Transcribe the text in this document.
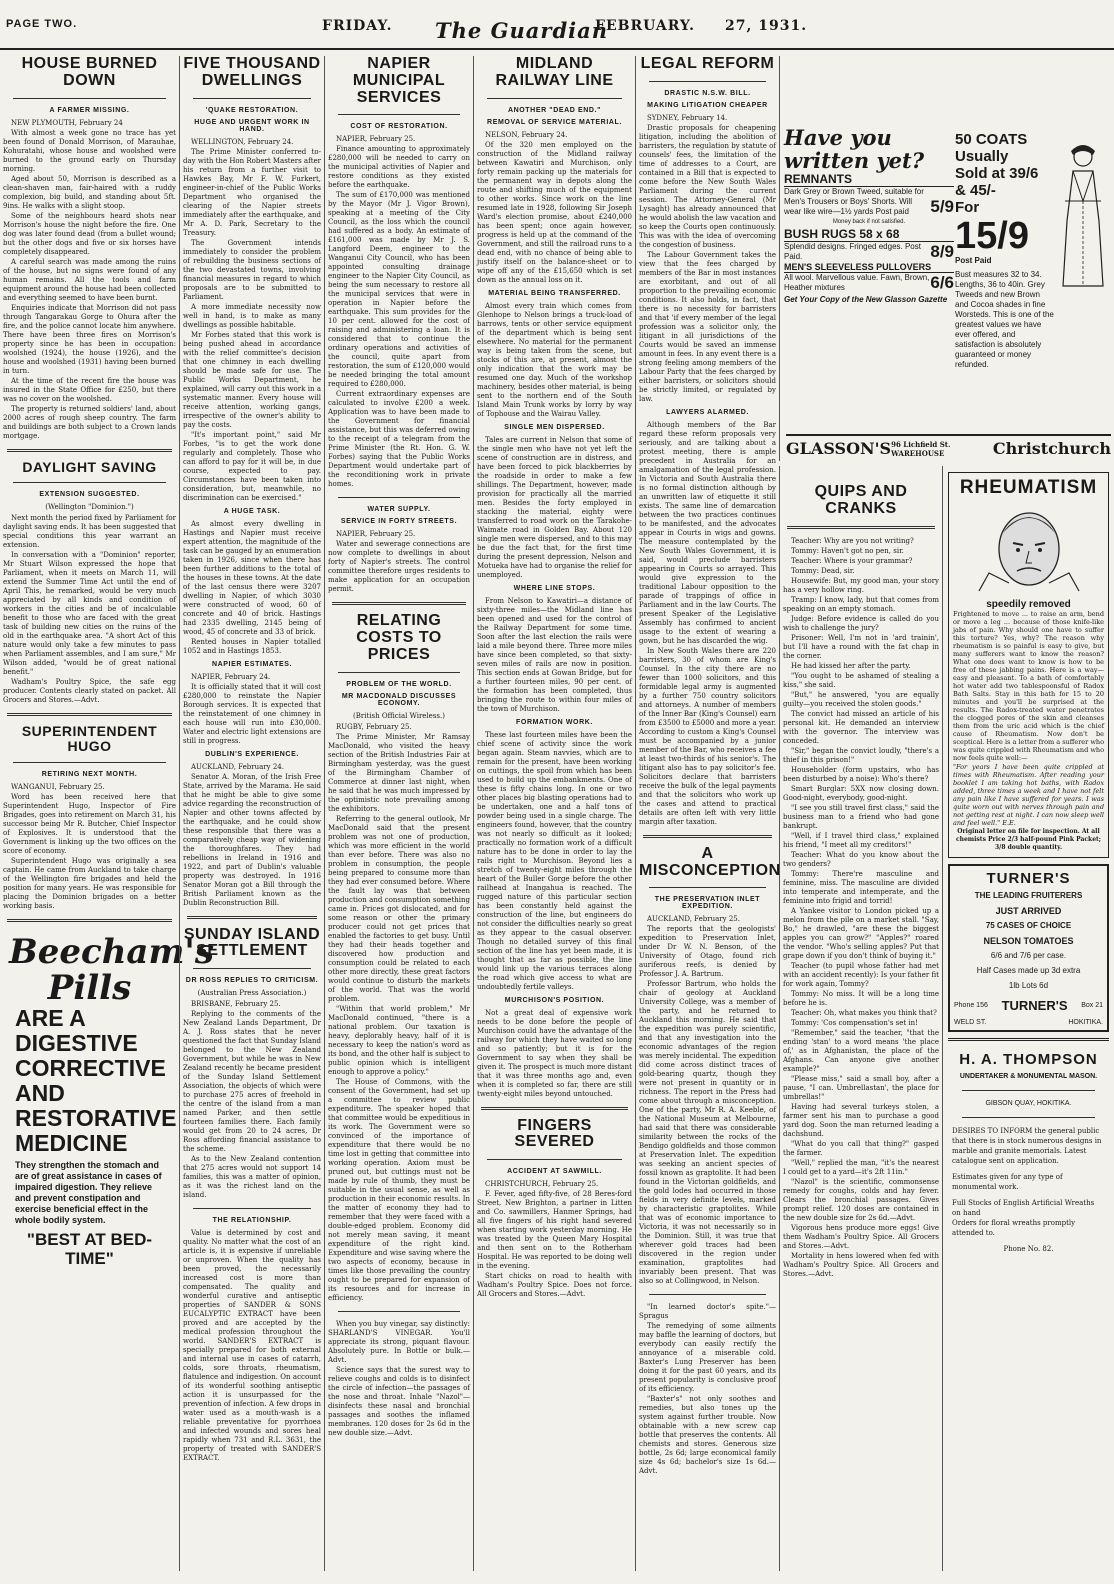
PAGE TWO.	FRIDAY. The Guardian
FEBRUARY. 27, 1931.
HOUSE BURNED DOWN
A FARMER MISSING.

NEW PLYMOUTH, February 24

With almost a week gone no trace has yet been found of Donald Morrison, of Marauhae, Kohuratahi, whose house and woolshed were burned to the ground early on Thursday morning.

Aged about 50, Morrison is described as a clean-shaven man, fair-haired with a ruddy complexion, big build, and standing about 5ft. 9ins. He walks with a slight stoop.

Some of the neighbours heard shots near Morrison's house the night before the fire. One dog was later found dead (from a bullet wound; but the other dogs and five or six horses have completely disappeared.

A careful search was made among the ruins of the house, but no signs were found of any human remains. All the tools and farm equipment around the house had been collected and everything seemed to have been burnt.

Enquiries indicate that Morrison did not pass through Tangarakau Gorge to Ohura after the fire, and the police cannot locate him anywhere. There have been three fires on Morrison's property since he has been in occupation: woolshed (1924), the house (1926), and the house and woolshed (1931) having been burned in turn.

At the time of the recent fire the house was insured in the State Office for £250, but there was no cover on the woolshed.

The property is returned soldiers' land, about 2000 acres of rough sheep country. The farm and buildings are both subject to a Crown lands mortgage.

DAYLIGHT SAVING
EXTENSION SUGGESTED.
(Wellington "Dominion.")

Next month the period fixed by Parliament for daylight saving ends. It has been suggested that special conditions this year warrant an extension.

In conversation with a "Dominion" reporter, Mr Stuart Wilson expressed the hope that Parliament, when it meets on March 11, will extend the Summer Time Act until the end of April This, he remarked, would be very much appreciated by all kinds and condition of workers in the cities and be of incalculable benefit to those who are faced with the great task of building new cities on the ruins of the old in the earthquake area. "A short Act of this nature would only take a few minutes to pass when Parliament assembles, and I am sure," Mr Wilson added, "would be of great national benefit."

Wadham's Poultry Spice, the safe egg producer. Contents clearly stated on packet. All Grocers and Stores.—Advt.

SUPERINTENDENT HUGO
RETIRING NEXT MONTH.

WANGANUI, February 25.

Word has been received here that Superintendent Hugo, Inspector of Fire Brigades, goes into retirement on March 31, his successor being Mr R. Butcher, Chief Inspector of Explosives. It is understood that the Government is linking up the two offices on the score of economy.

Superintendent Hugo was originally a sea captain. He came from Auckland to take charge of the Wellington fire brigades and held the position for many years. He was responsible for placing the Dominion brigades on a better working basis.

Beecham's Pills
ARE A
DIGESTIVE
CORRECTIVE
AND
RESTORATIVE
MEDICINE
They strengthen the stomach and are of great assistance in cases of impaired digestion. They relieve and prevent constipation and exercise beneficial effect in the whole bodily system.
"BEST AT BED-TIME"
FIVE THOUSAND DWELLINGS
'QUAKE RESTORATION.
HUGE AND URGENT WORK IN HAND.

WELLINGTON, February 24.

The Prime Minister conferred to-day with the Hon Robert Masters after his return from a further visit to Hawkes Bay, Mr F. W. Furkert, engineer-in-chief of the Public Works Department who organised the clearing of the Napier streets immediately after the earthquake, and Mr A. D. Park, Secretary to the Treasury.

The Government intends immediately to consider the problem of rebuilding the business sections of the two devastated towns, involving financial measures in regard to which proposals are to be submitted to Parliament.

A more immediate necessity now well in hand, is to make as many dwellings as possible habitable.

Mr Forbes stated that this work is being pushed ahead in accordance with the relief committee's decision that one chimney in each dwelling should be made safe for use. The Public Works Department, he explained, will carry out this work in a systematic manner. Every house will receive attention, working gangs, irrespective of the owner's ability to pay the costs.

"It's important point," said Mr Forbes, "is to get the work done regularly and completely. Those who can afford to pay for it will be, in due course, expected to pay. Circumstances have been taken into consideration, but, meanwhile, no discrimination can be exercised."

A HUGE TASK.

As almost every dwelling in Hastings and Napier must receive expert attention, the magnitude of the task can be gauged by an enumeration taken in 1926, since when there has been further additions to the total of the houses in these towns. At the date of the last census there were 3207 dwelling in Napier, of which 3030 were constructed of wood, 60 of concrete and 40 of brick. Hastings had 2335 dwelling, 2145 being of wood, 45 of concrete and 33 of brick.

Rented houses in Napier totalled 1052 and in Hastings 1853.

NAPIER ESTIMATES.

NAPIER, February 24.

It is officially stated that it will cost £280,000 to reinstate the Napier Borough services. It is expected that the reinstatement of one chimney in each house will run into £30,000. Water and electric light extensions are still in progress.

DUBLIN'S EXPERIENCE.

AUCKLAND, February 24.

Senator A. Moran, of the Irish Free State, arrived by the Marama. He said that he might be able to give some advice regarding the reconstruction of Napier and other towns affected by the earthquake, and he could show these responsible that there was a comparatively cheap way of widening the thoroughfares. They had rebellions in Ireland in 1916 and 1922, and part of Dublin's valuable property was destroyed. In 1916 Senator Moran got a Bill through the British Parliament known as the Dublin Reconstruction Bill.

SUNDAY ISLAND SETTLEMENT
DR ROSS REPLIES TO CRITICISM.
(Australian Press Association.)

BRISBANE, February 25.

Replying to the comments of the New Zealand Lands Department, Dr A. J. Ross states that he never questioned the fact that Sunday Island belonged to the New Zealand Government, but while he was in New Zealand recently he became president of the Sunday Island Settlement Association, the objects of which were to purchase 275 acres of freehold in the centre of the island from a man named Parker, and then settle fourteen families there. Each family would get from 20 to 24 acres, Dr Ross affording financial assistance to the scheme.

As to the New Zealand contention that 275 acres would not support 14 families, this was a matter of opinion, as it was the richest land on the island.

THE RELATIONSHIP.

Value is determined by cost and quality. No matter what the cost of an article is, it is expensive if unreliable or unproven. When the quality has been proved, the necessarily increased cost is more than compensated. The quality and wonderful curative and antiseptic properties of SANDER & SONS EUCALYPTIC EXTRACT have been proved and are accepted by the medical profession throughout the world. SANDER'S EXTRACT is specially prepared for both external and internal use in cases of catarrh, colds, sore throats, rheumatism, flatulence and indigestion. On account of its wonderful soothing antiseptic action it is unsurpassed for the prevention of infection. A few drops in water used as a mouth-wash is a reliable preventative for pyorrhoea and infected wounds and sores heal rapidly when 731 and R.L. 3631, the property of treated with SANDER'S EXTRACT.

NAPIER MUNICIPAL SERVICES
COST OF RESTORATION.

NAPIER, February 25.

Finance amounting to approximately £280,000 will be needed to carry on the municipal activities of Napier and restore conditions as they existed before the earthquake.

The sum of £170,000 was mentioned by the Mayor (Mr J. Vigor Brown), speaking at a meeting of the City Council, as the loss which the council had suffered as a body. An estimate of £161,000 was made by Mr J. S. Langford Deem, engineer to the Wanganui City Council, who has been appointed consulting drainage engineer to the Napier City Council, as being the sum necessary to restore all the municipal services that were in operation in Napier before the earthquake. This sum provides for the 10 per cent. allowed for the cost of raising and administering a loan. It is considered that to continue the ordinary operations and activities of the council, quite apart from restoration, the sum of £120,000 would be needed bringing the total amount required to £280,000.

Current extraordinary expenses are calculated to involve £200 a week. Application was to have been made to the Government for financial assistance, but this was deferred owing to the receipt of a telegram from the Prime Minister (the Rt. Hon. G. W. Forbes) saying that the Public Works Department would undertake part of the reconditioning work in private homes.

WATER SUPPLY.
SERVICE IN FORTY STREETS.

NAPIER, February 25.

Water and sewerage connections are now complete to dwellings in about forty of Napier's streets. The control committee therefore urges residents to make application for an occupation permit.

RELATING COSTS TO PRICES
PROBLEM OF THE WORLD.
MR MACDONALD DISCUSSES ECONOMY.
(British Official Wireless.)

RUGBY, February 25.

The Prime Minister, Mr Ramsay MacDonald, who visited the heavy section of the British Industries Fair at Birmingham yesterday, was the guest of the Birmingham Chamber of Commerce at dinner last night, when he said that he was much impressed by the optimistic note prevailing among the exhibitors.

Referring to the general outlook, Mr MacDonald said that the present problem was not one of production, which was more efficient in the world than ever before. There was also no problem in consumption, the people being prepared to consume more than they had ever consumed before. Where the fault lay was that between production and consumption something came in. Prices got dislocated, and for some reason or other the primary producer could not get prices that enabled the factories to get busy. Until they had their heads together and discovered how production and consumption could be related to each other more directly, these great factors would continue to disturb the markets of the world. That was the world problem.

"Within that world problem," Mr MacDonald continued, "there is a national problem. Our taxation is heavy, deplorably heavy, half of it is necessary to keep the nation's word as its bond, and the other half is subject to public opinion which is intelligent enough to approve a policy."

The House of Commons, with the consent of the Government, had set up a committee to review public expenditure. The speaker hoped that that committee would be expeditious in its work. The Government were so convinced of the importance of expenditure that there would be no time lost in getting that committee into working operation. Axiom must be pruned out, but cuttings must not be made by rule of thumb, they must be suitable in the usual sense, as well as production in their economic results. In the matter of economy they had to remember that they were faced with a double-edged problem. Economy did not merely mean saving, it meant expenditure of the right kind. Expenditure and wise saving where the two aspects of economy, because in times like those prevailing the country ought to be prepared for expansion of its resources and for increase in efficiency.

When you buy vinegar, say distinctly: SHARLAND'S VINEGAR. You'll appreciate its strong, piquant flavour. Absolutely pure. In Bottle or bulk.—Advt.

Science says that the surest way to relieve coughs and colds is to disinfect the circle of infection—the passages of the nose and throat. Inhale "Nazol"—disinfects these nasal and bronchial passages and soothes the inflamed membranes. 120 doses for 2s 6d in the new double size.—Advt.

MIDLAND RAILWAY LINE
ANOTHER "DEAD END."
REMOVAL OF SERVICE MATERIAL.

NELSON, February 24.

Of the 320 men employed on the construction of the Midland railway between Kawatiri and Murchison, only forty remain packing up the materials for the permanent way in depots along the route and shifting much of the equipment to other works. Since work on the line resumed late in 1928, following Sir Joseph Ward's election promise, about £240,000 has been spent; once again however, progress is held up at the command of the Government, and still the railroad runs to a dead end, with no chance of being able to justify itself on the balance-sheet or to wipe off any of the £15,650 which is set down as the annual loss on it.

MATERIAL BEING TRANSFERRED.

Almost every train which comes from Glenhope to Nelson brings a truck-load of barrows, tents or other service equipment of the department which is being sent elsewhere. No material for the permanent way is being taken from the scene, but stocks of this are, at present, almost the only indication that the work may be resumed one day. Much of the workshop machinery, besides other material, is being sent to the northern end of the South Island Main Trunk works by lorry by way of Tophouse and the Wairau Valley.

SINGLE MEN DISPERSED.

Tales are current in Nelson that some of the single men who have not yet left the scene of construction are in distress, and have been forced to pick blackberries by the roadside in order to make a few shillings. The Department, however, made provision for practically all the married men. Besides the forty employed in stacking the material, eighty were transferred to road work on the Tarakohe-Waimate road in Golden Bay. About 120 single men were dispersed, and to this may be due the fact that, for the first time during the present depression, Nelson and Motueka have had to organise the relief for unemployed.

WHERE LINE STOPS.

From Nelson to Kawatiri—a distance of sixty-three miles—the Midland line has been opened and used for the control of the Railway Department for some time. Soon after the last election the rails were laid a mile beyond there. Three more miles have since been completed, so that sixty-seven miles of rails are now in position. This section ends at Gowan Bridge, but for a further fourteen miles, 90 per cent. of the formation has been completed, thus bringing the route to within four miles of the town of Murchison.

FORMATION WORK.

These last fourteen miles have been the chief scene of activity since the work began again. Steam navvies, which are to remain for the present, have been working on cuttings, the spoil from which has been used to build up the embankments. One of these is fifty chains long. In one or two other places big blasting operations had to be undertaken, one and a half tons of powder being used in a single charge. The engineers found, however, that the country was not nearly so difficult as it looked; practically no formation work of a difficult nature has to be done in order to lay the rails right to Murchison. Beyond lies a stretch of twenty-eight miles through the heart of the Buller Gorge before the other railhead at Inangahua is reached. The rugged nature of this particular section has been constantly held against the construction of the line, but engineers do not consider the difficulties nearly so great as they appear to the casual observer. Though no detailed survey of this final section of the line has yet been made, it is thought that as far as possible, the line would link up the various terraces along the road which give access to what are undoubtedly fertile valleys.

MURCHISON'S POSITION.

Not a great deal of expensive work needs to be done before the people of Murchison could have the advantage of the railway for which they have waited so long and so patiently; but it is for the Government to say when they shall be given it. The prospect is much more distant that it was three months ago and, even when it is completed so far, there are still twenty-eight miles beyond untouched.

FINGERS SEVERED
ACCIDENT AT SAWMILL.

CHRISTCHURCH, February 25.

F. Fever, aged fifty-five, of 28 Beres-ford Street, New Brighton, a partner in Litten and Co. sawmillers, Hanmer Springs, had all five fingers of his right hand severed when starting work yesterday morning. He was treated by the Queen Mary Hospital and then sent on to the Rotherham Hospital. He was reported to be doing well in the evening.

Start chicks on road to health with Wadham's Poultry Spice. Does not force. All Grocers and Stores.—Advt.

LEGAL REFORM
DRASTIC N.S.W. BILL.
MAKING LITIGATION CHEAPER

SYDNEY, February 14.

Drastic proposals for cheapening litigation, including the abolition of barristers, the regulation by statute of counsels' fees, the limitation of the time of addresses to a Court, are contained in a Bill that is expected to come before the New South Wales Parliament during the current session. The Attorney-General (Mr Lysaght) has already announced that he would abolish the law vacation and so keep the Courts open continuously. This was with the idea of overcoming the congestion of business.

The Labour Government takes the view that the fees charged by members of the Bar in most instances are exorbitant, and out of all proportion to the prevailing economic conditions. It also holds, in fact, that there is no necessity for barristers and that 'if every member of the legal profession was a solicitor only, the litigant in all jurisdictions of the Courts would be saved an immense amount in fees. In any event there is a strong feeling among members of the Labour Party that the fees charged by either barristers, or solicitors should be strictly limited, or regulated by law.

LAWYERS ALARMED.

Although members of the Bar regard these reform proposals very seriously, and are talking about a protest meeting, there is ample precedent in Australia for an amalgamation of the legal profession. In Victoria and South Australia there is no formal distinction although by an unwritten law of etiquette it still exists. The same line of demarcation between the two practices continues to be manifested, and the advocates appear in Courts in wigs and gowns. The measure contemplated by the New South Wales Government, it is said, would preclude barristers appearing in Courts so arrayed. This would give expression to the traditional Labour opposition to the parade of trappings of office in Parliament and in the law Courts. The present Speaker of the Legislative Assembly has confirmed to ancient usage to the extent of wearing a gown, but he has discarded the wig.

In New South Wales there are 220 barristers, 30 of whom are King's Counsel. In the city there are no fewer than 1000 solicitors, and this formidable legal army is augmented by a further 750 country solicitors and attorneys. A number of members of the Inner Bar (King's Counsel) earn from £3500 to £5000 and more a year. According to custom a King's Counsel must be accompanied by a junior member of the Bar, who receives a fee at least two-thirds of his senior's. The litigant also has to pay solicitor's fee. Solicitors declare that barristers receive the bulk of the legal payments and that the solicitors who work up the cases and attend to practical details are often left with very little margin after taxation.

A MISCONCEPTION
THE PRESERVATION INLET EXPEDITION.

AUCKLAND, February 25.

The reports that the geologists' expedition to Preservation Inlet, under Dr W. N. Benson, of the University of Otago, found rich auriferous reefs, is denied by Professor J. A. Bartrum.

Professor Bartrum, who holds the chair of geology at Auckland University College, was a member of the party, and he returned to Auckland this morning. He said that the expedition was purely scientific, and that any investigation into the economic advantages of the region was merely incidental. The expedition did come across distinct traces of gold-bearing quartz, though they were not present in quantity or in richness. The report in the Press had come about through a misconception. One of the party, Mr R. A. Keeble, of the National Museum at Melbourne, had said that there was considerable similarity between the rocks of the Bendigo goldfields and those common at Preservation Inlet. The expedition was seeking an ancient species of fossil known as graptolite. It had been found in the Victorian goldfields, and the gold lodes had occurred in those fields in very definite levels, marked by characteristic graptolites. While that was of economic importance to Victoria, it was not necessarily so in the Dominion. Still, it was true that wherever gold traces had been discovered in the region under examination, graptolites had invariably been present. That was also so at Collingwood, in Nelson.

"In learned doctor's spite."—Spragus

The remedying of some ailments may baffle the learning of doctors, but everybody can easily rectify the annoyance of a miserable cold. Baxter's Lung Preserver has been doing it for the past 60 years, and its present popularity is conclusive proof of its efficiency.

"Baxter's" not only soothes and remedies, but also tones up the system against further trouble. Now obtainable with a new screw cap bottle that preserves the contents. All chemists and stores. Generous size bottle, 2s 6d; large economical family size 4s 6d; bachelor's size 1s 6d.—Advt.

Have you written yet?
REMNANTS
Dark Grey or Brown Tweed, suitable for Men's Trousers or Boys' Shorts. Will wear like wire—1½ yards Post paid	5/9
Money back if not satisfied.
BUSH RUGS 58 x 68
Splendid designs. Fringed edges. Post Paid.	8/9
MEN'S SLEEVELESS PULLOVERS
All wool. Marvellous value. Fawn, Brown, Heather mixtures	6/6
Get Your Copy of the New Glasson Gazette
50 COATS Usually Sold at 39/6 & 45/-
For
15/9
Post Paid
Bust measures 32 to 34. Lengths, 36 to 40in. Grey Tweeds and new Brown and Cocoa shades in fine Worsteds. This is one of the greatest values we have ever offered, and satisfaction is absolutely guaranteed or money refunded.
GLASSON'S 96 Lichfield St. WAREHOUSE	Christchurch
QUIPS AND CRANKS

Teacher: Why are you not writing?

Tommy: Haven't got no pen, sir.

Teacher: Where is your grammar?

Tommy: Dead, sir.

Housewife: But, my good man, your story has a very hollow ring.

Tramp: I know, lady, but that comes from speaking on an empty stomach.

Judge: Before evidence is called do you wish to challenge the jury?

Prisoner: Well, I'm not in 'ard trainin', but I'll have a round with the fat chap in the corner.

He had kissed her after the party.

"You ought to be ashamed of stealing a kiss," she said.

"But," he answered, "you are equally guilty—you received the stolen goods."

The convict had missed an article of his personal kit. He demanded an interview with the governor. The interview was conceded.

"Sir," began the convict loudly, "there's a thief in this prison!"

Householder (form upstairs, who has been disturbed by a noise): Who's there?

Smart Burglar: 5XX now closing down. Good-night, everybody, good-night.

"I see you still travel first class," said the business man to a friend who had gone bankrupt.

"Well, if I travel third class," explained his friend, "I meet all my creditors!"

Teacher: What do you know about the two genders?

Tommy: There're masculine and feminine, miss. The masculine are divided into temperate and intemperate, and the feminine into frigid and torrid!

A Yankee visitor to London picked up a melon from the pile on a market stall. "Say, Bo," he drawled, "are these the biggest apples you can grow?" "Apples?" roared the vendor. "Who's selling apples? Put that grape down if you don't think of buying it."

Teacher (to pupil whose father had met with an accident recently): Is your father fit for work again, Tommy?

Tommy: No miss. It will be a long time before he is.

Teacher: Oh, what makes you think that?

Tommy: 'Cos compensation's set in!

"Remember," said the teacher, "that the ending 'stan' to a word means 'the place of,' as in Afghanistan, the place of the Afghans. Can anyone give another example?"

"Please miss," said a small boy, after a pause, "I can. Umbrellastan', the place for umbrellas!"

Having had several turkeys stolen, a farmer sent his man to purchase a good yard dog. Soon the man returned leading a dachshund.

"What do you call that thing?" gasped the farmer.

"Well," replied the man, "it's the nearest I could get to a yard—it's 2ft 11in."

"Nazol" is the scientific, commonsense remedy for coughs, colds and hay fever. Clears the bronchial passages. Gives prompt relief. 120 doses are contained in the new double size for 2s 6d.—Advt.

Vigorous hens produce more eggs! Give them Wadham's Poultry Spice. All Grocers and Stores.—Advt.

Mortality in hens lowered when fed with Wadham's Poultry Spice. All Grocers and Stores.—Advt.

RHEUMATISM
speedily removed

Frightened to move ... to raise an arm, bend or move a leg ... because of those knife-like jabs of pain. Why should one have to suffer this torture? Yes, why? The reason why rheumatism is so painful is easy to give, but many sufferers want to know the reason? What one does want to know is how to be free of these jabbing pains. Here is a way—easy and pleasant. To a bath of comfortably hot water add two tablespoonsful of Radox Bath Salts. Stay in this bath for 15 to 20 minutes and you'll be surprised at the results. The Radox-treated water penetrates the clogged pores of the skin and cleanses them from the uric acid which is the chief cause of Rheumatism. Now don't be sceptical. Here is a letter from a sufferer who was quite crippled with Rheumatism and who now feels quite well:—

"For years I have been quite crippled at times with Rheumatism. After reading your booklet I am taking hot baths, with Radox added, three times a week and I have not felt any pain like I have suffered for years. I was quite worn out with nerves through pain and not getting rest at night. I can now sleep well and feel well." E.E.

Original letter on file for inspection. At all chemists Price 2/3 half-pound Pink Packet; 3/8 double quantity.

TURNER'S
THE LEADING FRUITERERS
JUST ARRIVED
75 CASES OF CHOICE
NELSON TOMATOES
6/6 and 7/6 per case.
Half Cases made up 3d extra
1lb Lots 6d
Phone 156 TURNER'S Box 21
WELD ST.	HOKITIKA.
H. A. THOMPSON
UNDERTAKER & MONUMENTAL MASON.
GIBSON QUAY, HOKITIKA.

DESIRES TO INFORM the general public that there is in stock numerous designs in marble and granite memorials. Latest catalogue sent on application.

Estimates given for any type of monumental work.

Full Stocks of English Artificial Wreaths on hand

Orders for floral wreaths promptly attended to.

Phone No. 82.
